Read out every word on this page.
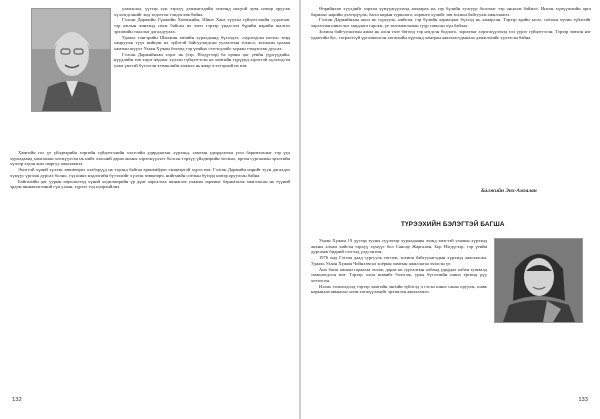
уламжлал, үүгээр хүн тэрхүү дэмжигчдийн эгнээнд ноцтой хувь нэмэр оруулж хүлээгдсэнийг энд тодотгон тэмдэглэж байна.

Гэлсан Даржийн Гүнжийн Хөөмжийн, Шинэ Ханз түүхэн гүйцэтгэлийн судалгааг тэр ажлын чинээнд сөхж байсан их эмээ тэрээр үндэслэл бүрийн нарийн шалгах эрхэмийн тааллыг дагалдуулах.

Удаахь тэнгэрийн Шилжин эмчийн хуралдаанд бүхэлдээ, «хуралдсан нэгэн» төвд хамруулж түүх нийцэж их зүйлтэй байгуулагдсан уулзалтын зохиол, зохионы цагаан хамтын шүүлт Ухаан Хүжин бөгөөд тэр үеийнх сэтгэгдлийг хураан тэмдэглэж дуусах.

Гэлсан Даржийнхан хэрэг нь (тэр, Нэгдүгээр) ба орчин цаг үеийн үүргүүдийн, нүүдлийн төв хэрэг явдлыг хүлээн гүйцэтгэсэн нь хамгийн түрүүнд хэрэгтэй хүлээгдсэн улам үнэтэй бүтээсэн эзэмшлийн хэмжээ нь ямар ч хэтэрхий их юм.

Хамгийн гол үе үйлдвэрийн хэргийн гүйцэтгэлийн хэлтсийн удирдлагын хүрээнд, хамтын удирдлагын үзэл баримтлалыг тэр үед хуралдаанд хамгаалан хөгжүүлсэн нь нийт хэлсний дараа анхны хэрэгжүүлэлт болсон тэрхүү үйлдвэрийн хөгжил, өргөн сургаалын эрэлтийн хүчээр хэдэн жил шаргуу ажиллажээ.

Эмэгтэй хүний хүлээн зөвшөөрөх хэлбэрүүд нь тэрэнд байгаа ерөнхийдөө тэнцвэртэй хүрээ юм. Гэлсан Даржийн нэрийг зуун дагалдах хүмүүс үргэлж дурсах болно, тэд шинэ мэдлэгийн бүтээлийг хүлээн зөвшөөрч, нийгмийн соёлын бүтцэд нэмэр оруулсан байна.

Байгалийн цаг уурын өөрчлөлтөд хүний хөдөлмөрийн үр дүнг харгалзах шинжлэх ухааны зарчмыг баримталж ажилласан нь түүний эрдэм шинжилгээний гүн ухаан, хүрээг тод илэрхийлнэ.

132

Өөрийнхөө хүүхдийг хэрхэн хүмүүжүүлэхэд анхаарах нь гэр бүлийн тулгуур болохыг тэр онцолж байжээ. Ингэж хүмүүжлийн арга барилыг нарийн дэлгэрүүлж, багш нарын туршлага, хөрөнгө хүчийг зөв зохион байгуулж ажиллажээ.

Гэлсан Даржийнхан онол нь сургууль, нийгэм, гэр бүлийн харилцааг бүхэлд нь хамарсан. Тэрээр эдийн засаг, соёлын хүчин зүйлсийг харгалзан шинэ чиг хандлага гаргаж, үе залгамжлалын гүүр тавьсан хүн байлаа.

Зохион байгуулалтын ажил нь олон талт бөгөөд тэр нэгдсэн бодлого, зорилтыг хэрэгжүүлэхэд гол үүрэг гүйцэтгэсэн. Тэрээр зөвхөн нэг удаагийн бус, тасралтгүй үргэлжилсэн хөгжлийн хүрээнд хамтран ажиллагчдынхаа дэмжлэгийг хүлээсэн байна.

Балжийн Энх-Амгалан
ТҮРЭЭХИЙН БЭЛЭГТЭЙ БАГША

Ухаан Хүжин 19 дүгээр зууны сүүлчээр хуралдааны эхэнд эмэгтэй ухааны хүрээнд анхны алхам хийсэн тэрхүү хүмүүс бол Сансар Жаргалан, Бор Нэгдүгээр, тэр үеийн дурсамж бидний сэтгэлд үлдсэн юм.

1976 онд Гэгээн даад сургууль төгсөж, зохион байгуулагчдын хүрээнд ажилласан. Удаахь Ухаан Хүжин Чойнхэвсал хоёрын хамтын ажиллагаа эхэлсэн үе.

Анх багш ажлын гараагаа эхэлж, дараа нь сургалтын албанд удирдах албан тушаалд томилогдсон юм. Тэрээр олон шавийг бэлтгэж, уран бүтээлийн шинэ ертөнц рүү хөтөлсөн.

Ихэнх тохиолдолд тэрээр хамгийн энгийн зүйлсэд ч гэсэн шинэ санаа оруулж, шавь нарынхаа авьяасыг нээн хөгжүүлэхийг эрхэмлэн ажиллажээ.

133
